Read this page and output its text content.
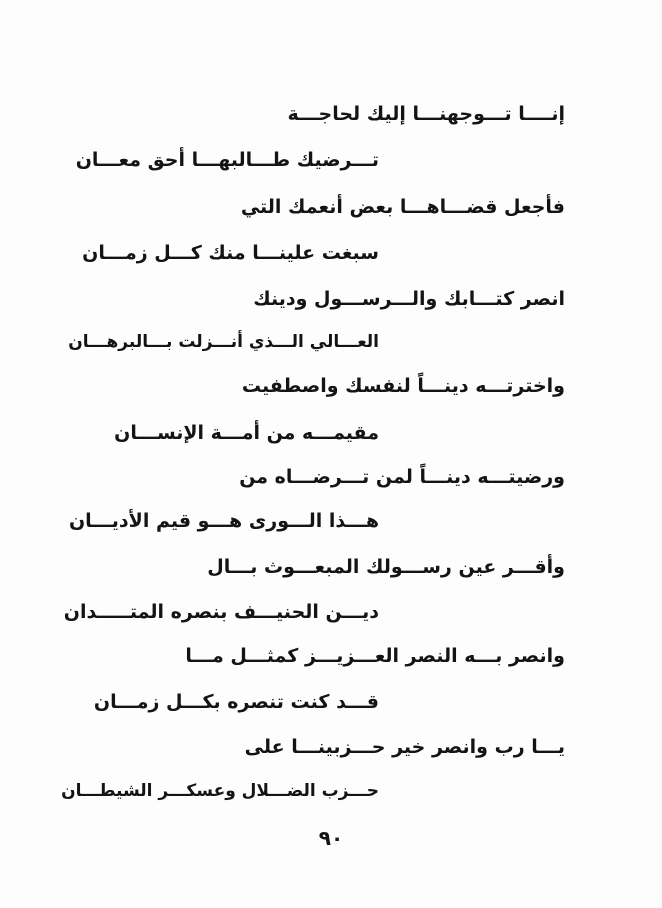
إنــــا تـــوجهنـــا إليك لحاجـــة
تـــرضيك طـــالبهـــا أحق معـــان
فأجعل قضـــاهـــا بعض أنعمك التي
سبغت علينـــا منك كـــل زمـــان
انصر كتـــابك والـــرســـول ودينك
العـــالي الـــذي أنـــزلت بـــالبرهـــان
واخترتـــه دينـــاً لنفسك واصطفيت
مقيمـــه من أمـــة الإنســـان
ورضيتـــه دينـــاً لمن تـــرضـــاه من
هـــذا الـــورى هـــو قيم الأديـــان
وأقـــر عين رســـولك المبعـــوث بـــال
ديـــن الحنيـــف بنصره المتـــــدان
وانصر بـــه النصر العـــزيـــز كمثـــل مـــا
قـــد كنت تنصره بكـــل زمـــان
يـــا رب وانصر خير حـــزبينـــا على
حـــزب الضـــلال وعسكـــر الشيطـــان
٩٠
